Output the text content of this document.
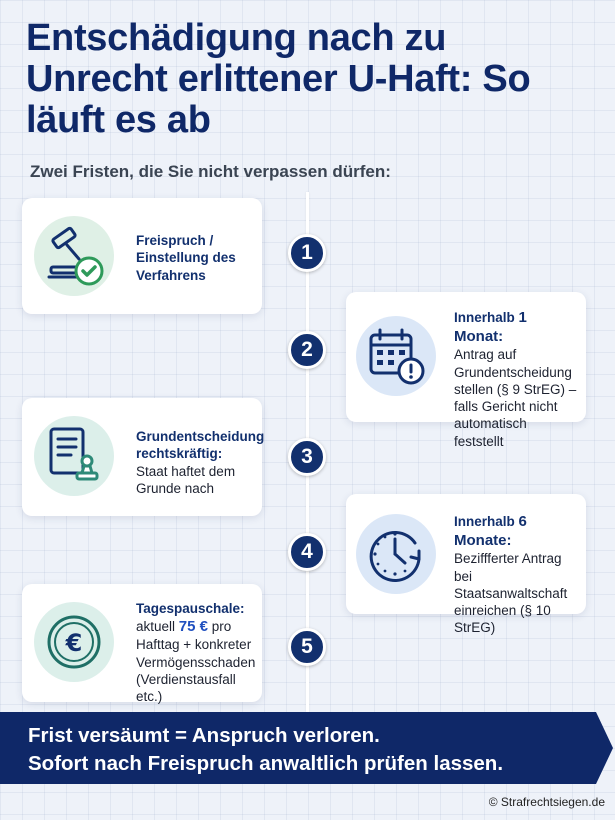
Entschädigung nach zu Unrecht erlittener U-Haft: So läuft es ab
Zwei Fristen, die Sie nicht verpassen dürfen:
Freispruch / Einstellung des Verfahrens
1
Innerhalb 1 Monat:
Antrag auf Grundentscheidung stellen (§ 9 StrEG) – falls Gericht nicht automatisch feststellt
2
Grundentscheidung rechtskräftig:
Staat haftet dem Grunde nach
3
Innerhalb 6 Monate:
Beziffferter Antrag bei Staatsanwaltschaft einreichen (§ 10 StrEG)
4
€
Tagespauschale:
aktuell 75 € pro Hafttag + konkreter Vermögensschaden (Verdienstausfall etc.)
5
Frist versäumt = Anspruch verloren.
Sofort nach Freispruch anwaltlich prüfen lassen.
© Strafrechtsiegen.de
